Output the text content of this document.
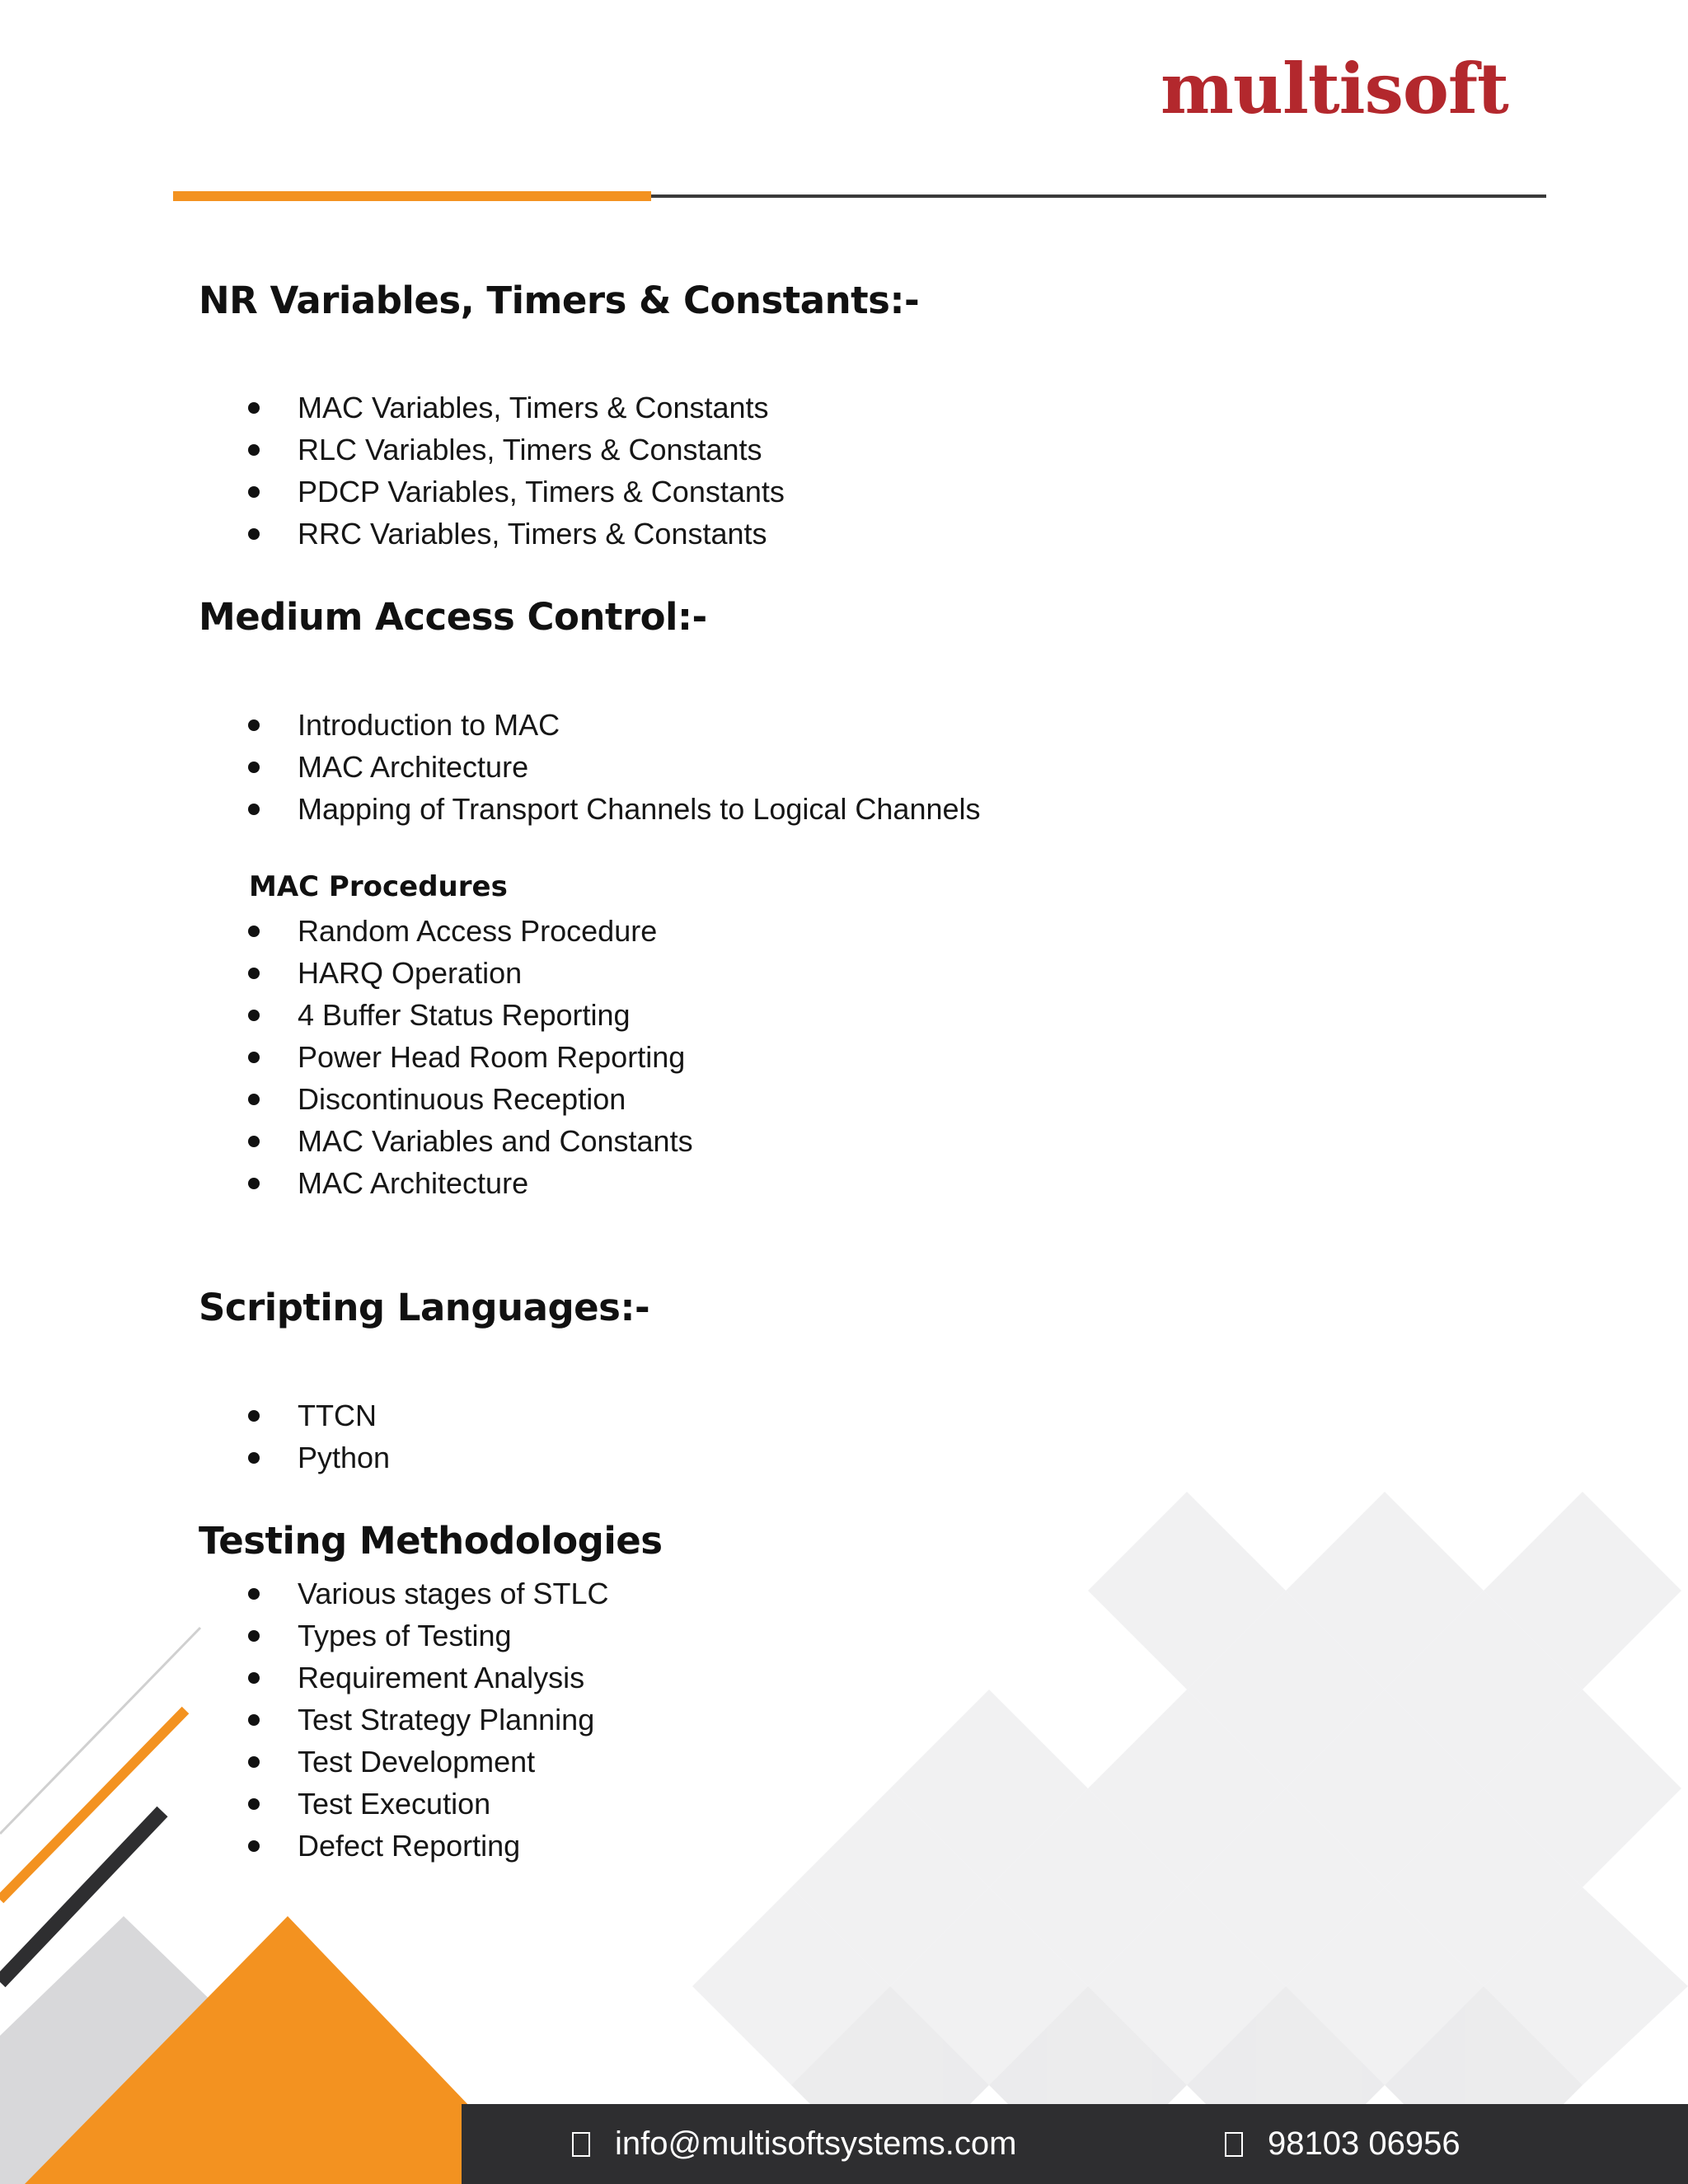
multisoft
NR Variables, Timers & Constants:-
MAC Variables, Timers & Constants
RLC Variables, Timers & Constants
PDCP Variables, Timers & Constants
RRC Variables, Timers & Constants
Medium Access Control:-
Introduction to MAC
MAC Architecture
Mapping of Transport Channels to Logical Channels
MAC Procedures
Random Access Procedure
HARQ Operation
4 Buffer Status Reporting
Power Head Room Reporting
Discontinuous Reception
MAC Variables and Constants
MAC Architecture
Scripting Languages:-
TTCN
Python
Testing Methodologies
Various stages of STLC
Types of Testing
Requirement Analysis
Test Strategy Planning
Test Development
Test Execution
Defect Reporting
info@multisoftsystems.com	98103 06956
